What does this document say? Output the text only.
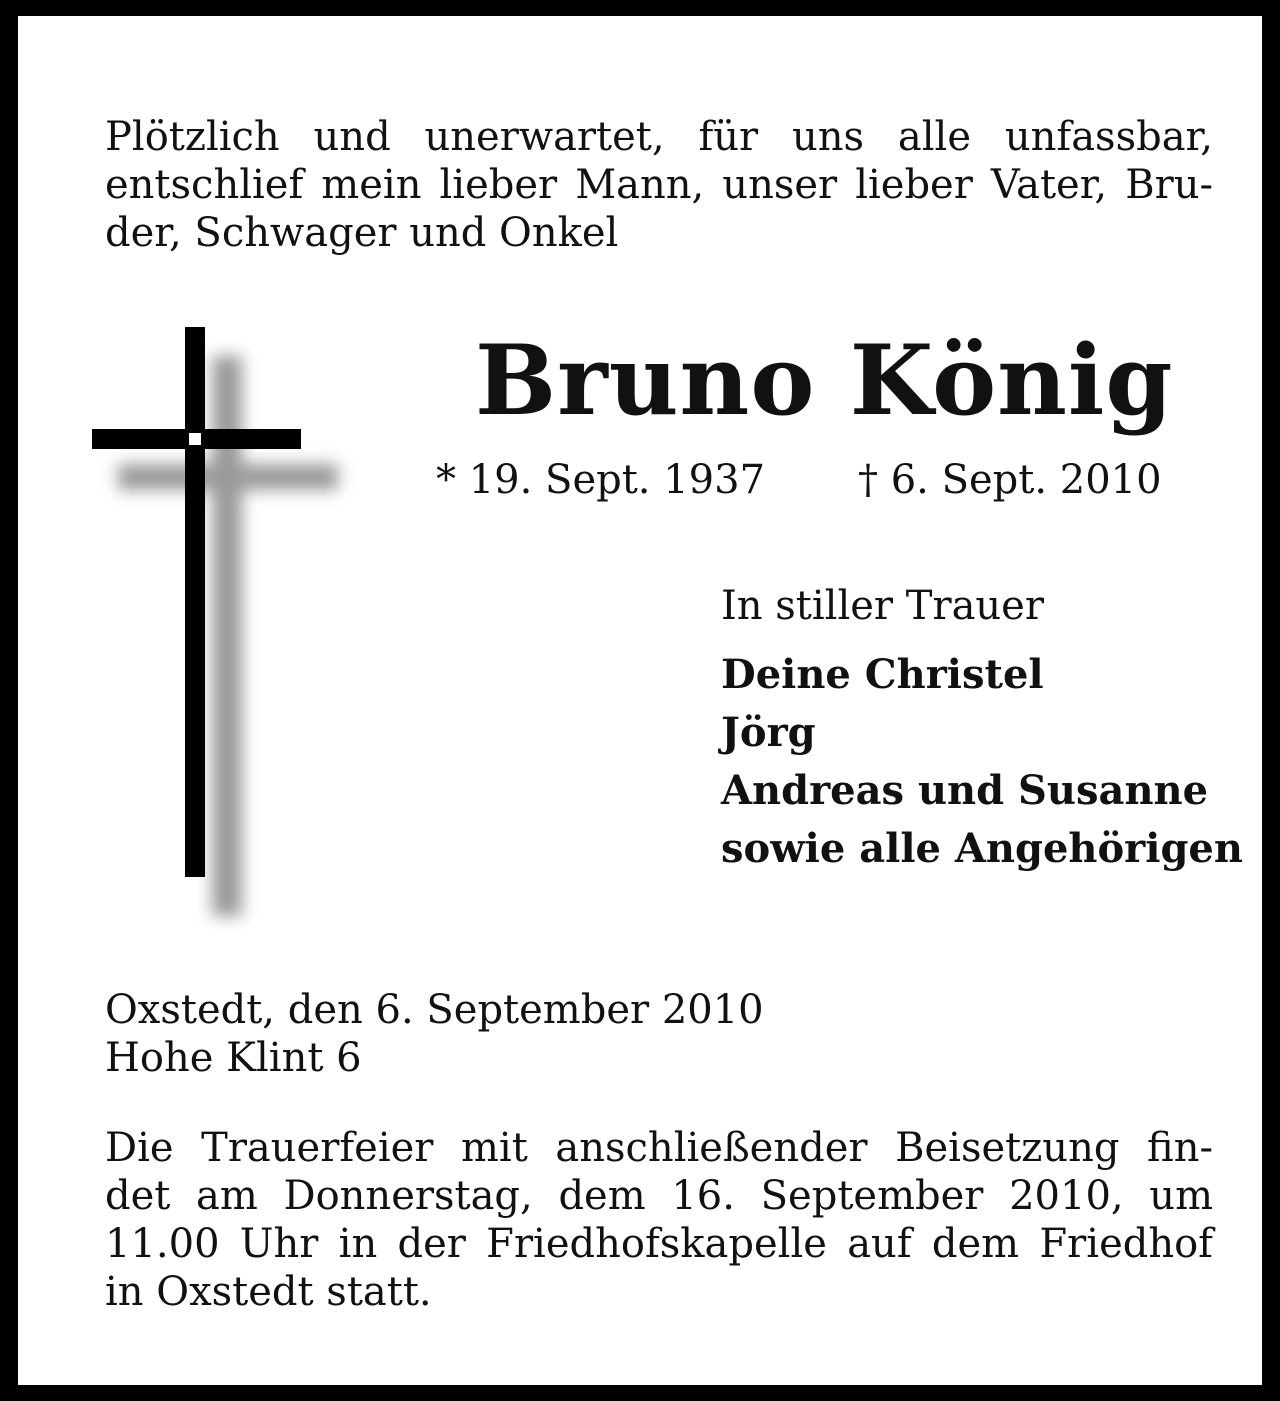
Plötzlich und unerwartet, für uns alle unfassbar,
entschlief mein lieber Mann, unser lieber Vater, Bru-
der, Schwager und Onkel
Bruno König
* 19. Sept. 1937 † 6. Sept. 2010
In stiller Trauer
Deine Christel
Jörg
Andreas und Susanne
sowie alle Angehörigen
Oxstedt, den 6. September 2010
Hohe Klint 6
Die Trauerfeier mit anschließender Beisetzung fin-
det am Donnerstag, dem 16. September 2010, um
11.00 Uhr in der Friedhofskapelle auf dem Friedhof
in Oxstedt statt.
